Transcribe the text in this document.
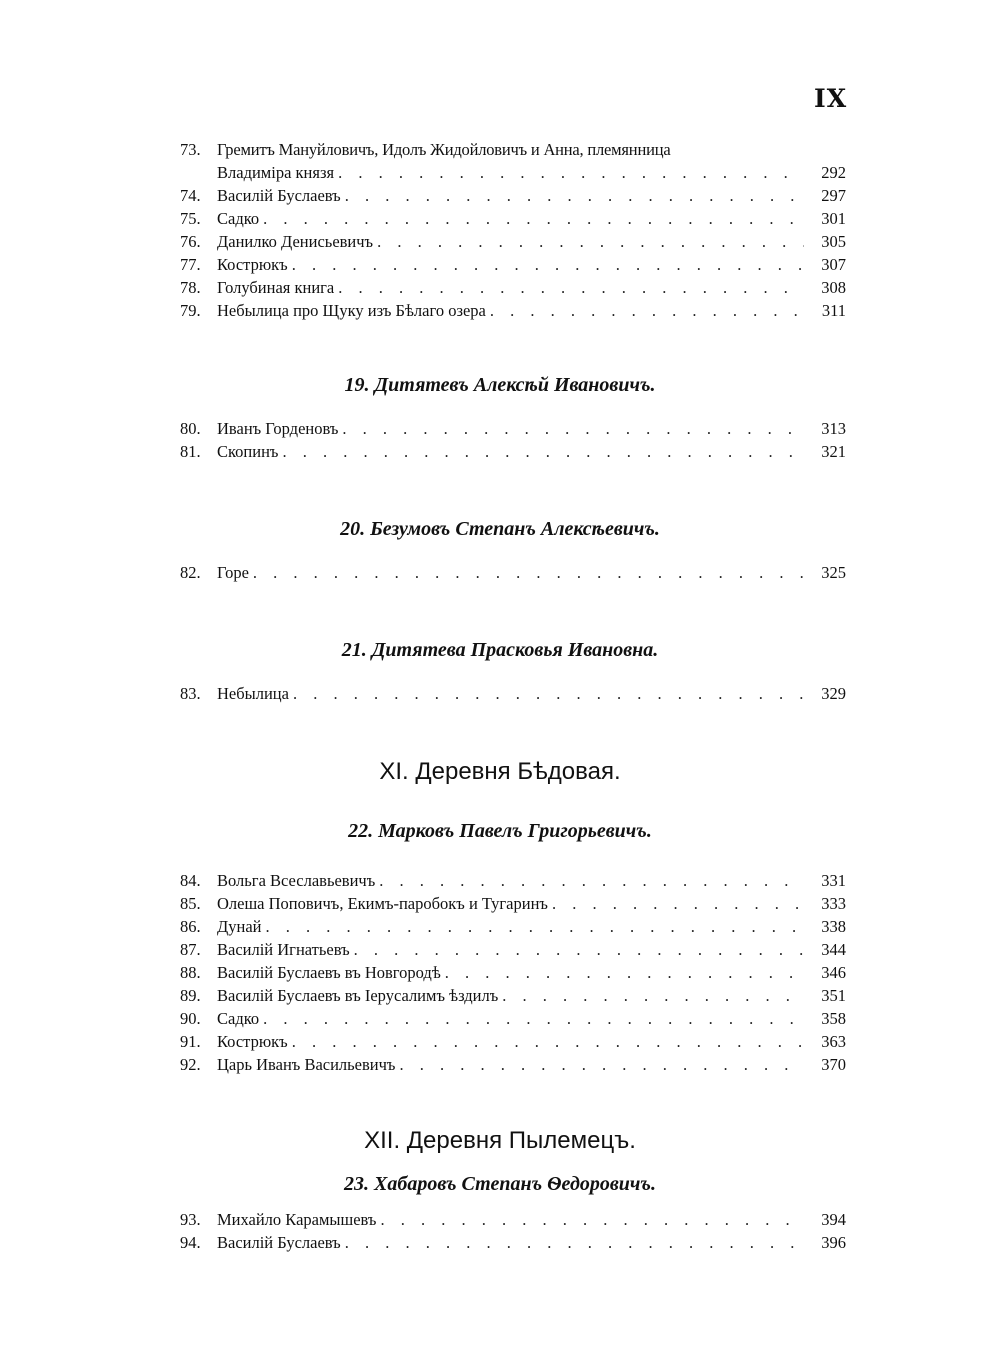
IX
73. Гремитъ Мануйловичъ, Идолъ Жидойловичъ и Анна, племянница
Владиміра князя . . .	292
74. Василій Буслаевъ . . .	297
75. Садко . . .	301
76. Данилко Денисьевичъ . . .	305
77. Кострюкъ . . .	307
78. Голубиная книга . . .	308
79. Небылица про Щуку изъ Бѣлаго озера . . .	311
19. Дитятевъ Алексѣй Ивановичъ.
80. Иванъ Горденовъ . . .	313
81. Скопинъ . . .	321
20. Безумовъ Степанъ Алексѣевичъ.
82. Горе . . .	325
21. Дитятева Прасковья Ивановна.
83. Небылица . . .	329
XI. Деревня Бѣдовая.
22. Марковъ Павелъ Григорьевичъ.
84. Вольга Всеславьевичъ . . .	331
85. Олеша Поповичъ, Екимъ-паробокъ и Тугаринъ . . .	333
86. Дунай . . .	338
87. Василій Игнатьевъ . . .	344
88. Василій Буслаевъ въ Новгородѣ . . .	346
89. Василій Буслаевъ въ Іерусалимъ ѣздилъ . . .	351
90. Садко . . .	358
91. Кострюкъ . . .	363
92. Царь Иванъ Васильевичъ . . .	370
XII. Деревня Пылемецъ.
23. Хабаровъ Степанъ Ѳедоровичъ.
93. Михайло Карамышевъ . . .	394
94. Василій Буслаевъ . . .	396
